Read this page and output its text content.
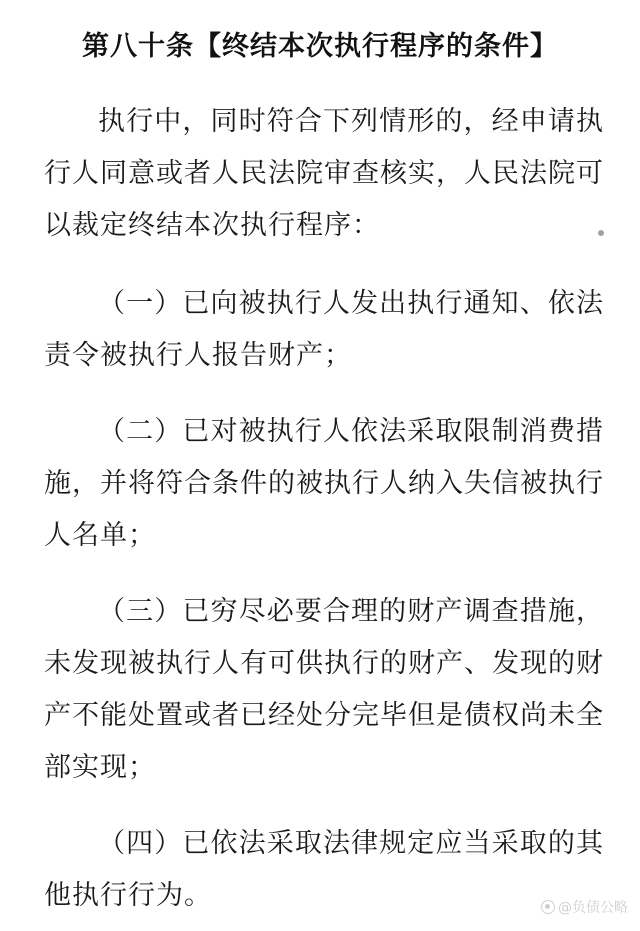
第八十条【终结本次执行程序的条件】
执行中，同时符合下列情形的，经申请执行人同意或者人民法院审查核实，人民法院可以裁定终结本次执行程序：
（一）已向被执行人发出执行通知、依法责令被执行人报告财产；
（二）已对被执行人依法采取限制消费措施，并将符合条件的被执行人纳入失信被执行人名单；
（三）已穷尽必要合理的财产调查措施，未发现被执行人有可供执行的财产、发现的财产不能处置或者已经处分完毕但是债权尚未全部实现；
（四）已依法采取法律规定应当采取的其他执行行为。	@负债公略
